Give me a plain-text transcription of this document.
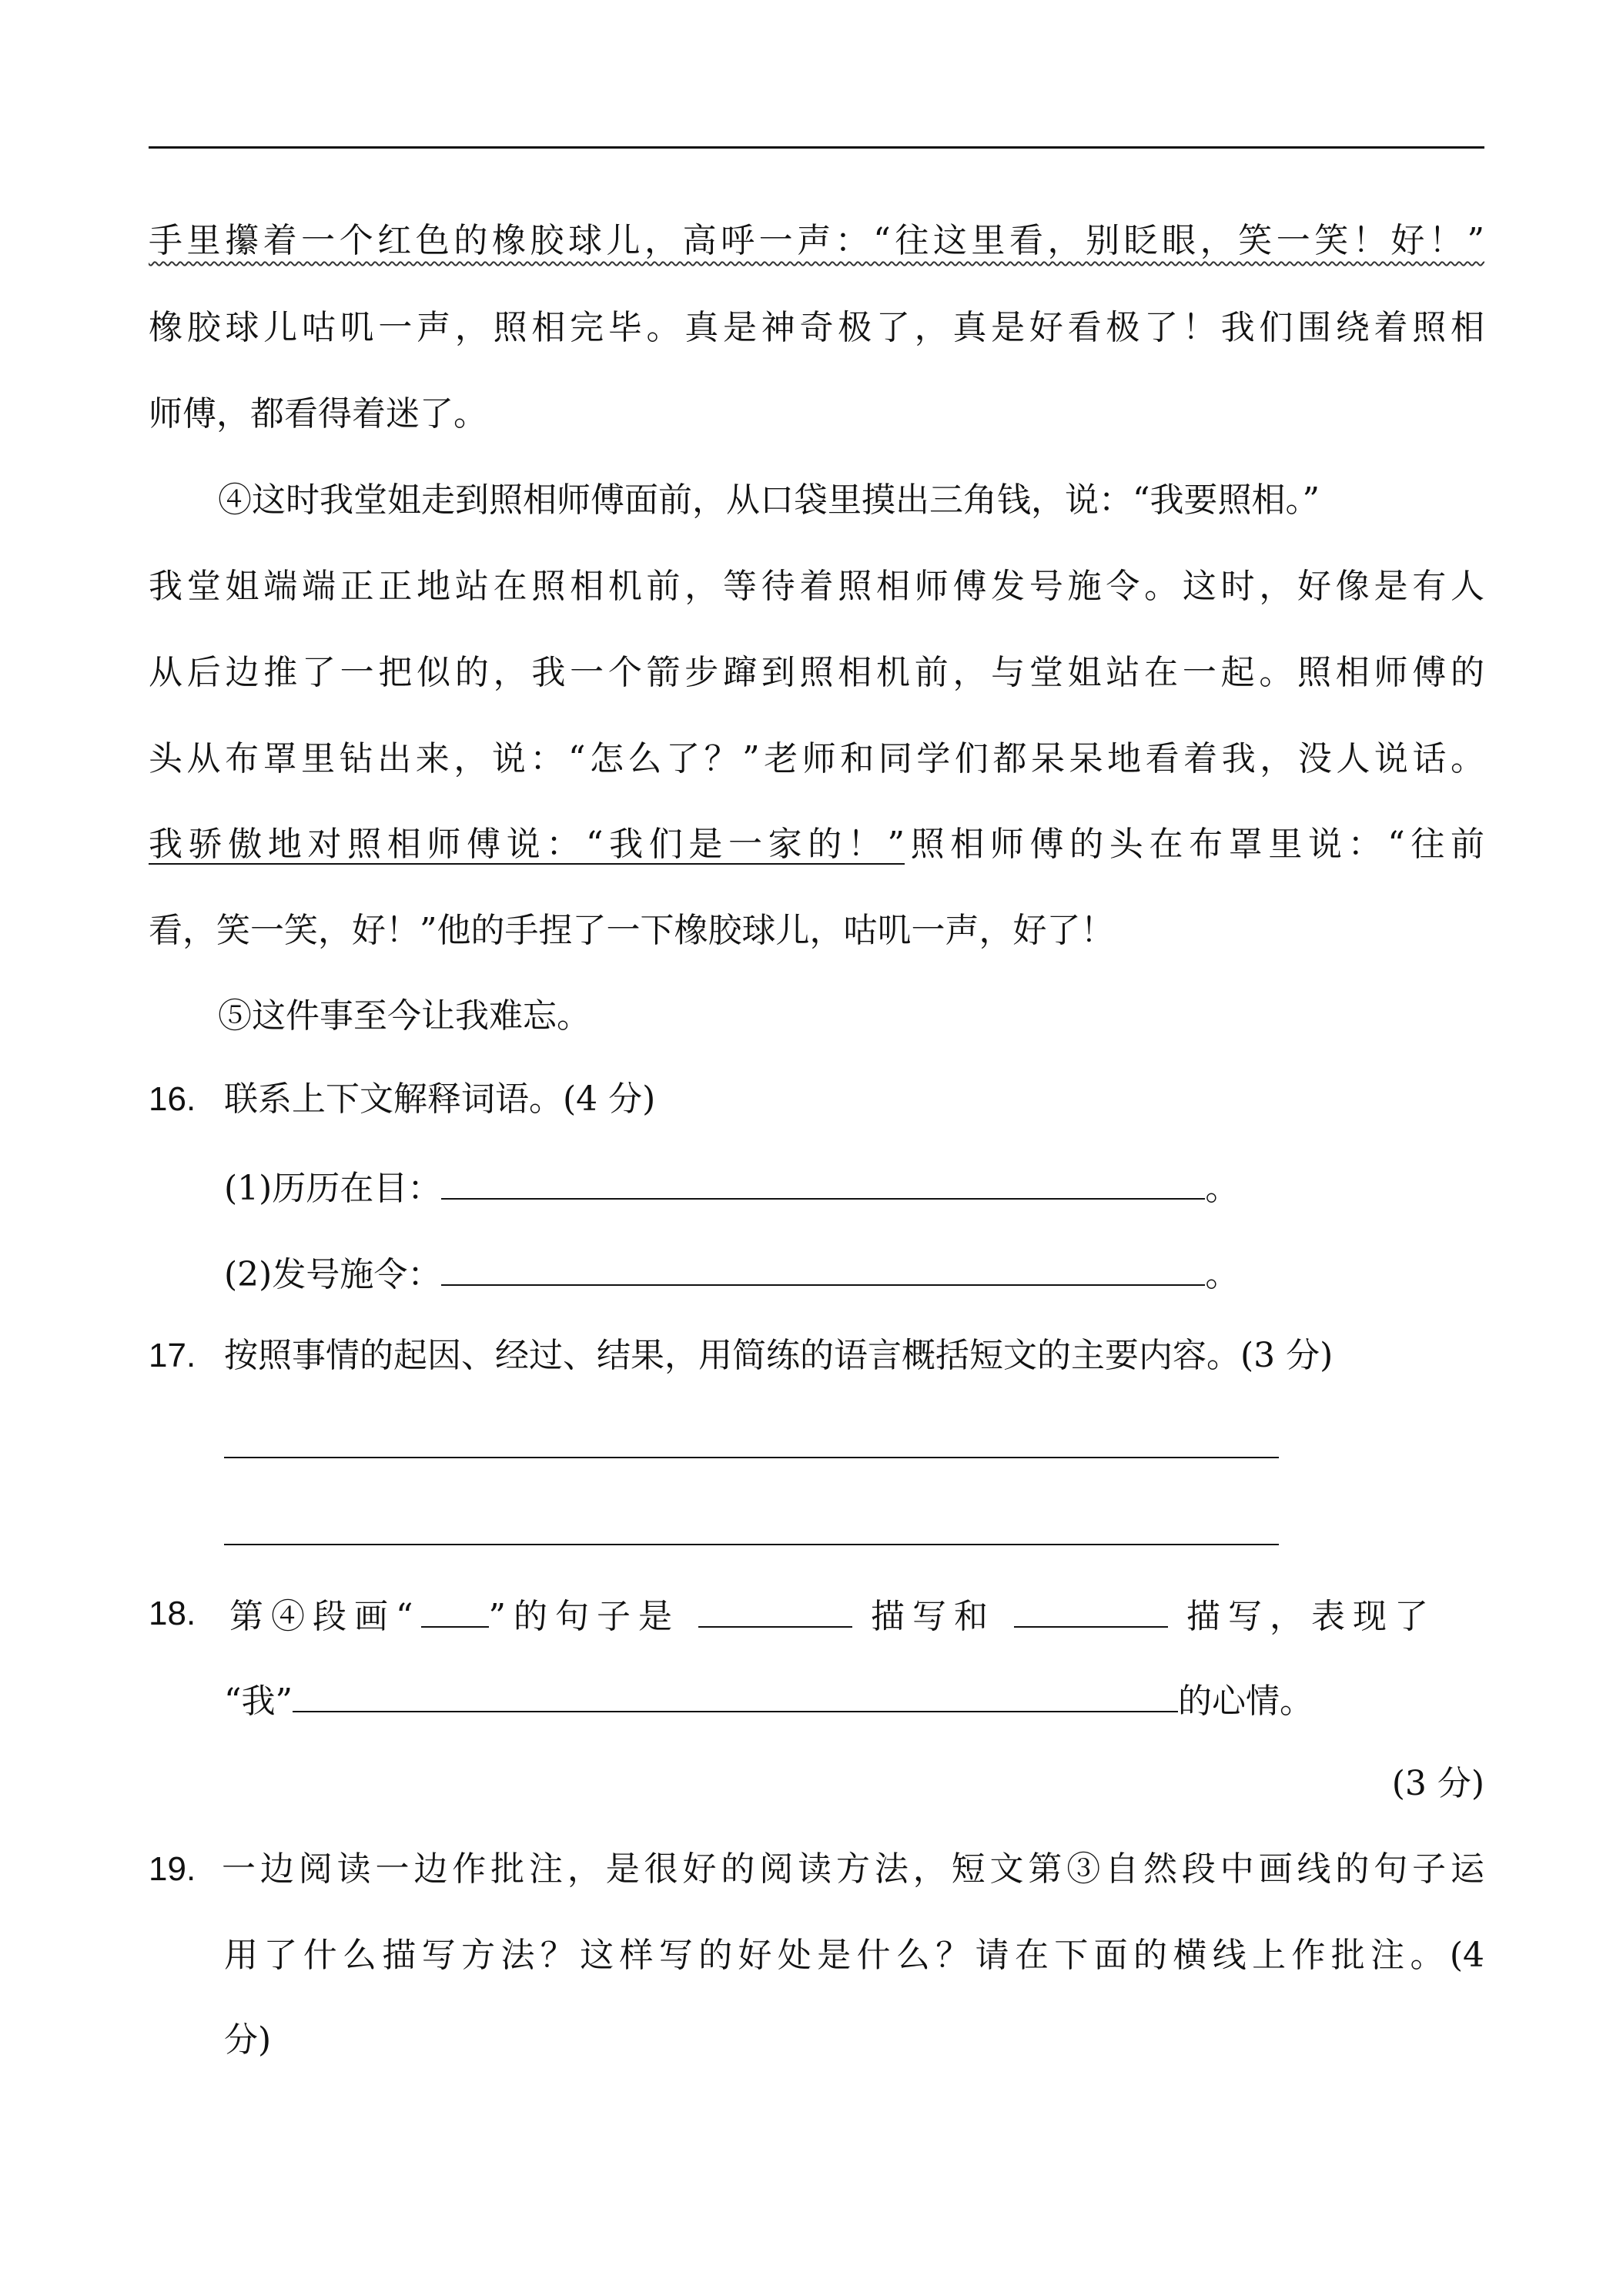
手里攥着一个红色的橡胶球儿，高呼一声：“往这里看，别眨眼，笑一笑！好！”
橡胶球儿咕叽一声，照相完毕。真是神奇极了，真是好看极了！我们围绕着照相
师傅，都看得着迷了。
④这时我堂姐走到照相师傅面前，从口袋里摸出三角钱，说：“我要照相。”
我堂姐端端正正地站在照相机前，等待着照相师傅发号施令。这时，好像是有人
从后边推了一把似的，我一个箭步蹿到照相机前，与堂姐站在一起。照相师傅的
头从布罩里钻出来，说：“怎么了？”老师和同学们都呆呆地看着我，没人说话。
我骄傲地对照相师傅说：“我们是一家的！”照相师傅的头在布罩里说：“往前
看，笑一笑，好！”他的手捏了一下橡胶球儿，咕叽一声，好了！
⑤这件事至今让我难忘。
16. 联系上下文解释词语。(4 分)
(1)历历在目：	。
(2)发号施令：	。
17. 按照事情的起因、经过、结果，用简练的语言概括短文的主要内容。(3 分)
18. 第④段画“ ”的句子是	描写和	描写，表现了
“我”	的心情。
(3 分)
19. 一边阅读一边作批注，是很好的阅读方法，短文第③自然段中画线的句子运
用了什么描写方法？这样写的好处是什么？请在下面的横线上作批注。(4
分)
